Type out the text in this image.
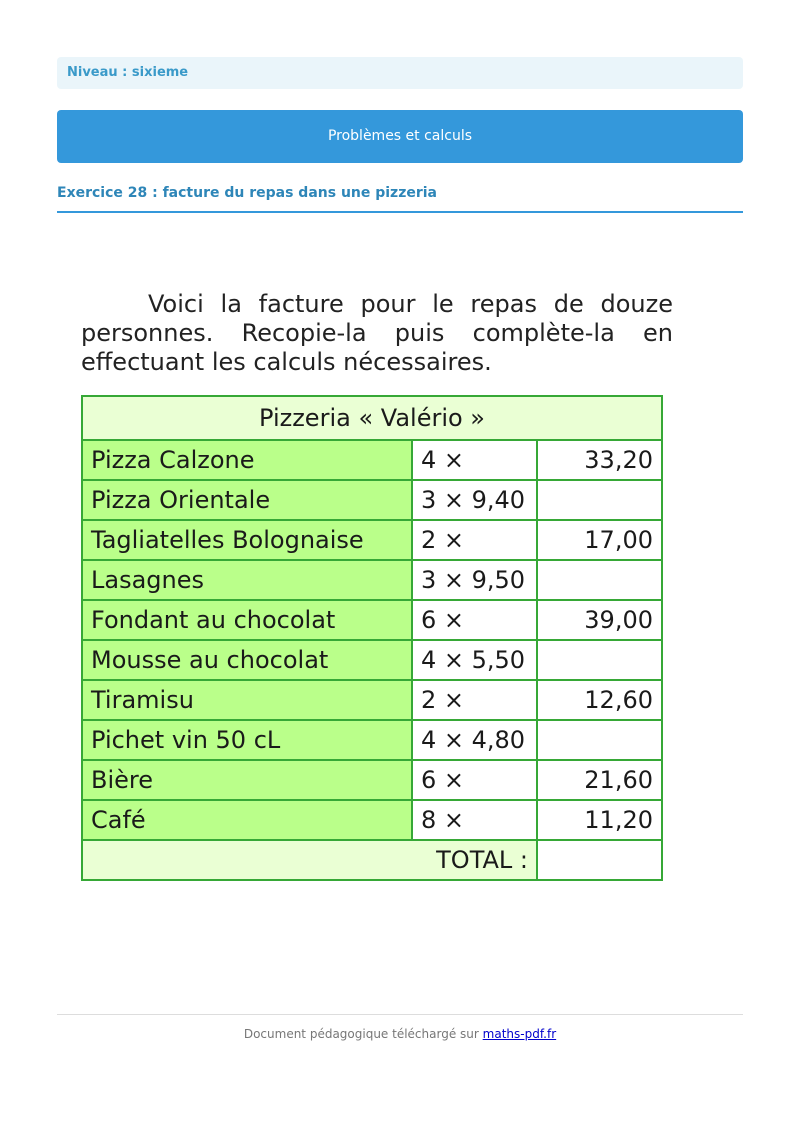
Niveau : sixieme
Problèmes et calculs
Exercice 28 : facture du repas dans une pizzeria
Voici la facture pour le repas de douze personnes. Recopie-la puis complète-la en effectuant les calculs nécessaires.
Pizzeria « Valério »		
Pizza Calzone	4 ×	33,20
Pizza Orientale	3 × 9,40	
Tagliatelles Bolognaise	2 ×	17,00
Lasagnes	3 × 9,50	
Fondant au chocolat	6 ×	39,00
Mousse au chocolat	4 × 5,50	
Tiramisu	2 ×	12,60
Pichet vin 50 cL	4 × 4,80	
Bière	6 ×	21,60
Café	8 ×	11,20
TOTAL :		
Document pédagogique téléchargé sur maths-pdf.fr
